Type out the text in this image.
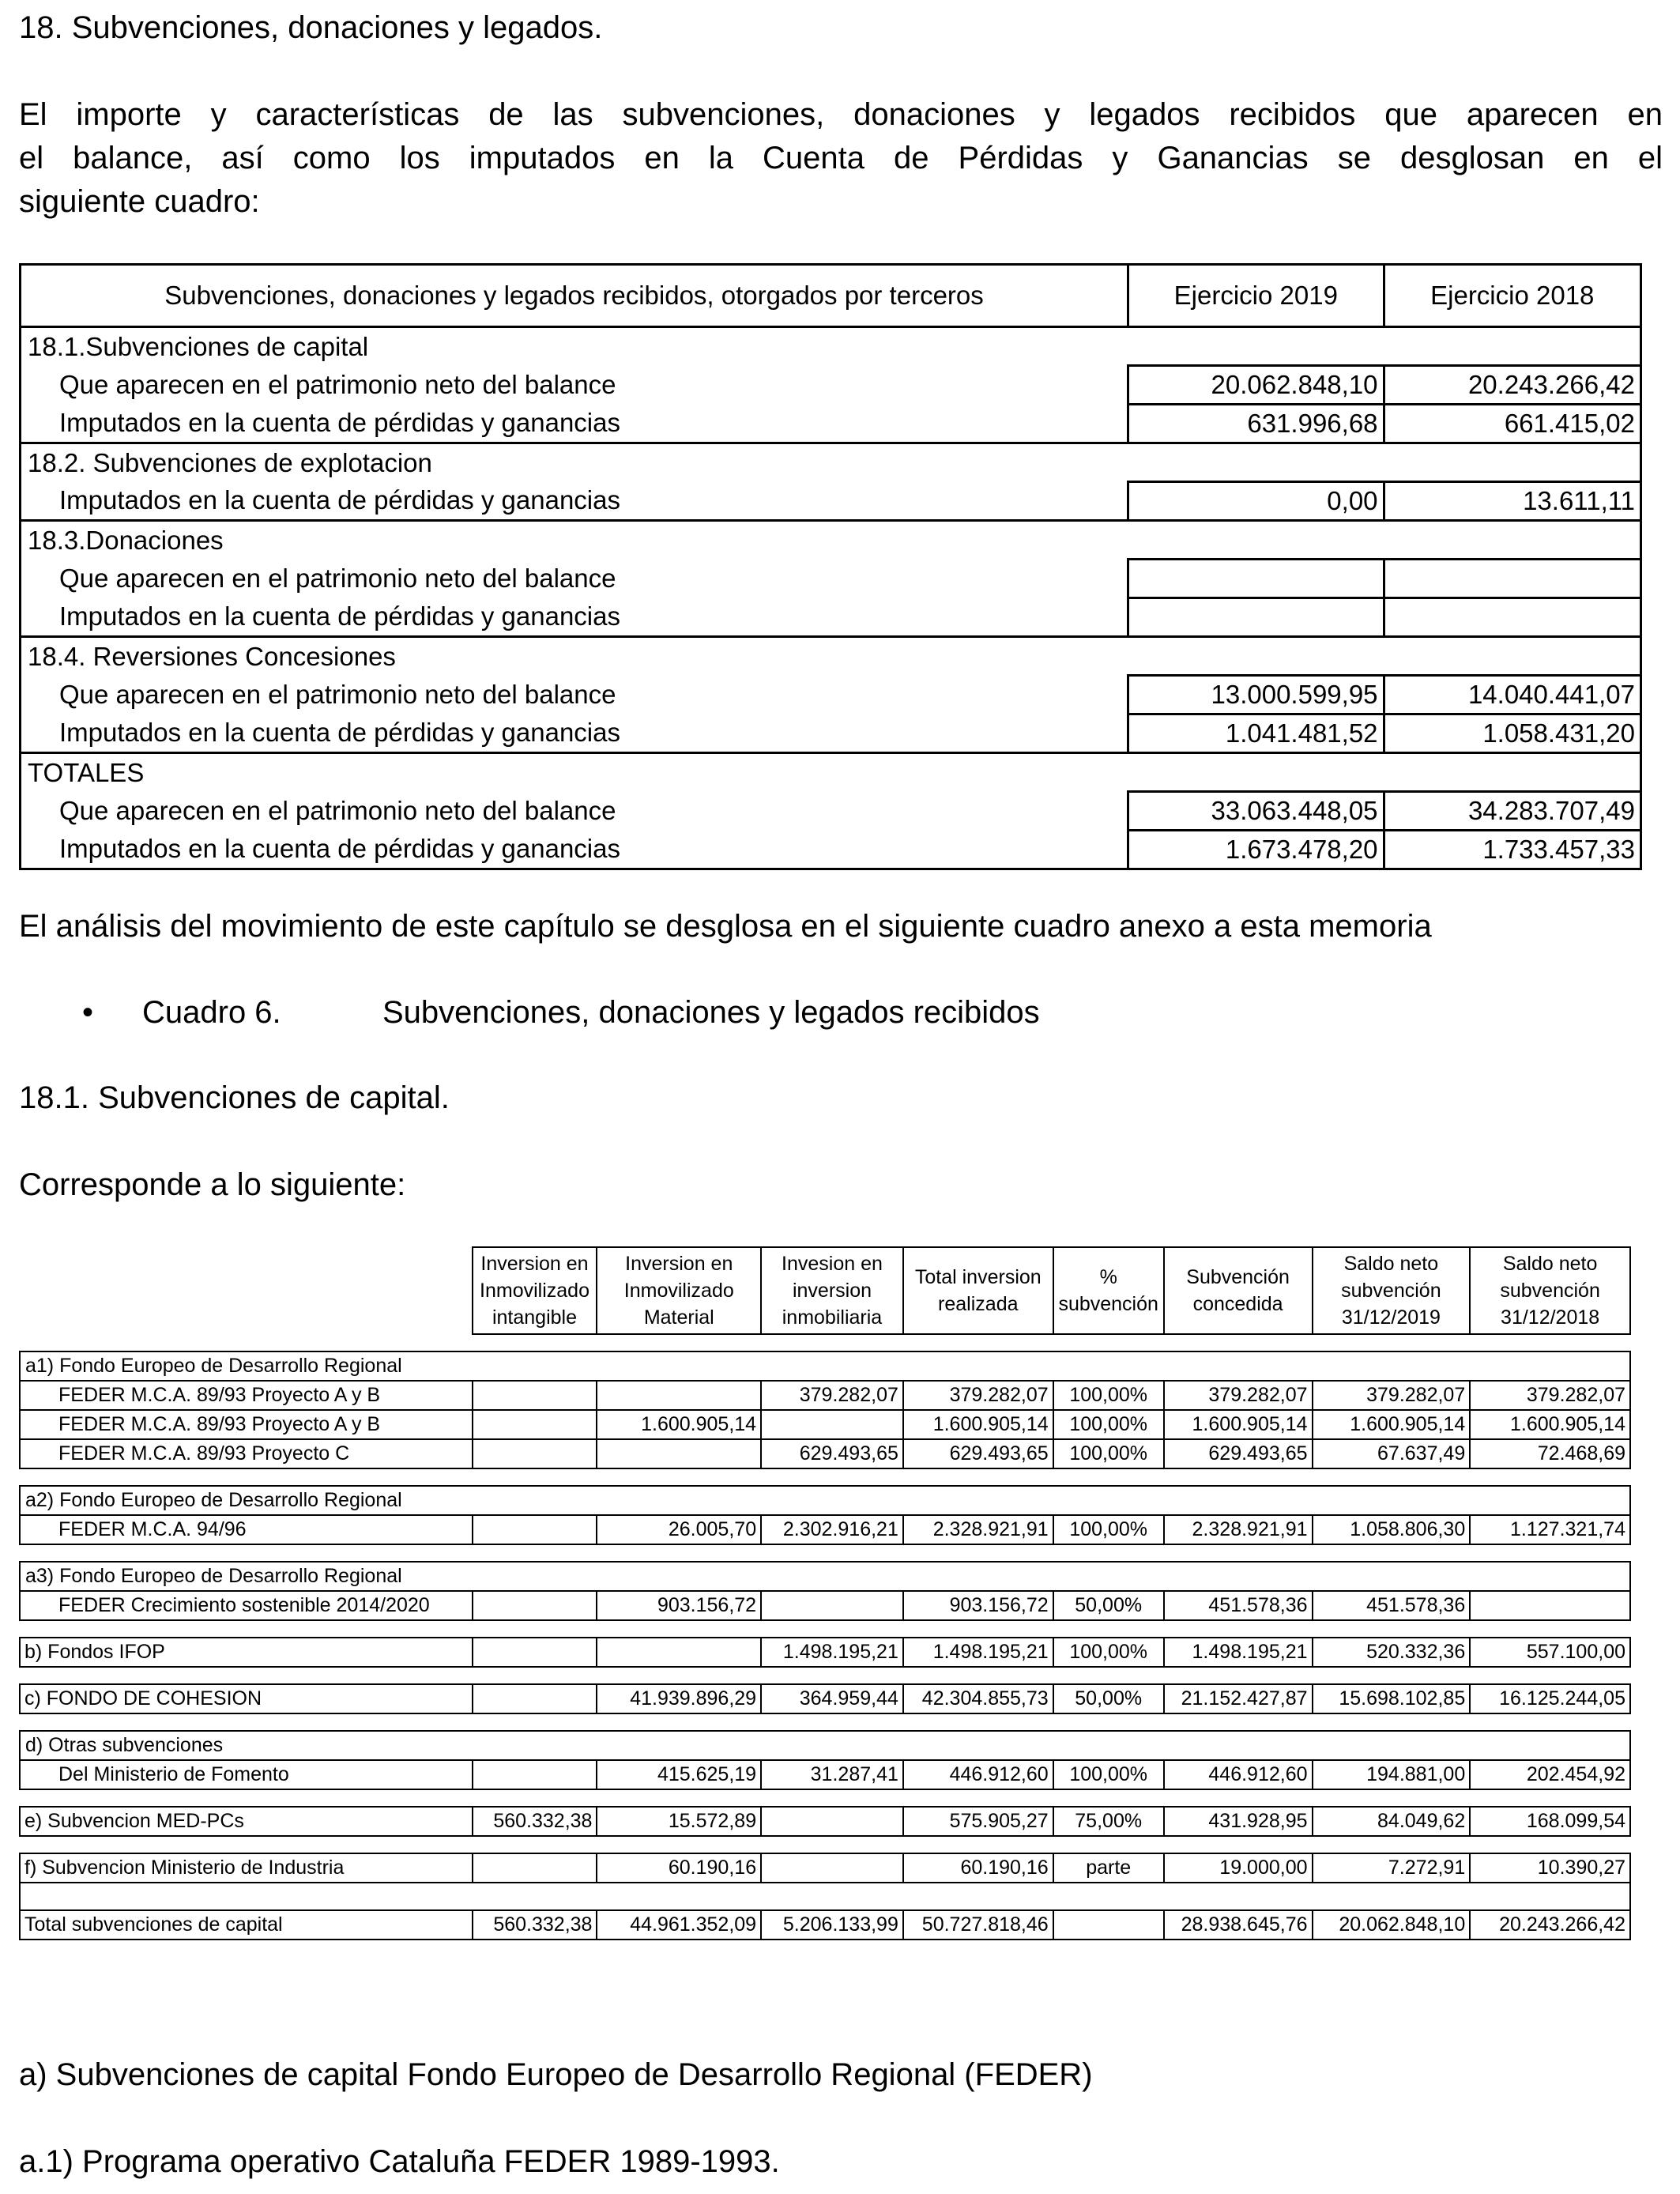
18. Subvenciones, donaciones y legados.
El importe y características de las subvenciones, donaciones y legados recibidos que aparecen en
el balance, así como los imputados en la Cuenta de Pérdidas y Ganancias se desglosan en el
siguiente cuadro:
Subvenciones, donaciones y legados recibidos, otorgados por terceros	Ejercicio 2019	Ejercicio 2018
18.1.Subvenciones de capital		
Que aparecen en el patrimonio neto del balance	20.062.848,10	20.243.266,42
Imputados en la cuenta de pérdidas y ganancias	631.996,68	661.415,02
18.2. Subvenciones de explotacion		
Imputados en la cuenta de pérdidas y ganancias	0,00	13.611,11
18.3.Donaciones		
Que aparecen en el patrimonio neto del balance		
Imputados en la cuenta de pérdidas y ganancias		
18.4. Reversiones Concesiones		
Que aparecen en el patrimonio neto del balance	13.000.599,95	14.040.441,07
Imputados en la cuenta de pérdidas y ganancias	1.041.481,52	1.058.431,20
TOTALES		
Que aparecen en el patrimonio neto del balance	33.063.448,05	34.283.707,49
Imputados en la cuenta de pérdidas y ganancias	1.673.478,20	1.733.457,33
El análisis del movimiento de este capítulo se desglosa en el siguiente cuadro anexo a esta memoria
• Cuadro 6.	Subvenciones, donaciones y legados recibidos
18.1. Subvenciones de capital.
Corresponde a lo siguiente:
	Inversion en Inmovilizado intangible	Inversion en Inmovilizado Material	Invesion en inversion inmobiliaria	Total inversion realizada	% subvención	Subvención concedida	Saldo neto subvención 31/12/2019	Saldo neto subvención 31/12/2018

a1) Fondo Europeo de Desarrollo Regional								
FEDER M.C.A. 89/93 Proyecto A y B			379.282,07	379.282,07	100,00%	379.282,07	379.282,07	379.282,07
FEDER M.C.A. 89/93 Proyecto A y B		1.600.905,14		1.600.905,14	100,00%	1.600.905,14	1.600.905,14	1.600.905,14
FEDER M.C.A. 89/93 Proyecto C			629.493,65	629.493,65	100,00%	629.493,65	67.637,49	72.468,69

a2) Fondo Europeo de Desarrollo Regional								
FEDER M.C.A. 94/96		26.005,70	2.302.916,21	2.328.921,91	100,00%	2.328.921,91	1.058.806,30	1.127.321,74

a3) Fondo Europeo de Desarrollo Regional								
FEDER Crecimiento sostenible 2014/2020		903.156,72		903.156,72	50,00%	451.578,36	451.578,36	

b) Fondos IFOP			1.498.195,21	1.498.195,21	100,00%	1.498.195,21	520.332,36	557.100,00

c) FONDO DE COHESION		41.939.896,29	364.959,44	42.304.855,73	50,00%	21.152.427,87	15.698.102,85	16.125.244,05

d) Otras subvenciones								
Del Ministerio de Fomento		415.625,19	31.287,41	446.912,60	100,00%	446.912,60	194.881,00	202.454,92

e) Subvencion MED-PCs	560.332,38	15.572,89		575.905,27	75,00%	431.928,95	84.049,62	168.099,54

f) Subvencion Ministerio de Industria		60.190,16		60.190,16	parte	19.000,00	7.272,91	10.390,27

Total subvenciones de capital	560.332,38	44.961.352,09	5.206.133,99	50.727.818,46		28.938.645,76	20.062.848,10	20.243.266,42
a) Subvenciones de capital Fondo Europeo de Desarrollo Regional (FEDER)
a.1) Programa operativo Cataluña FEDER 1989-1993.
